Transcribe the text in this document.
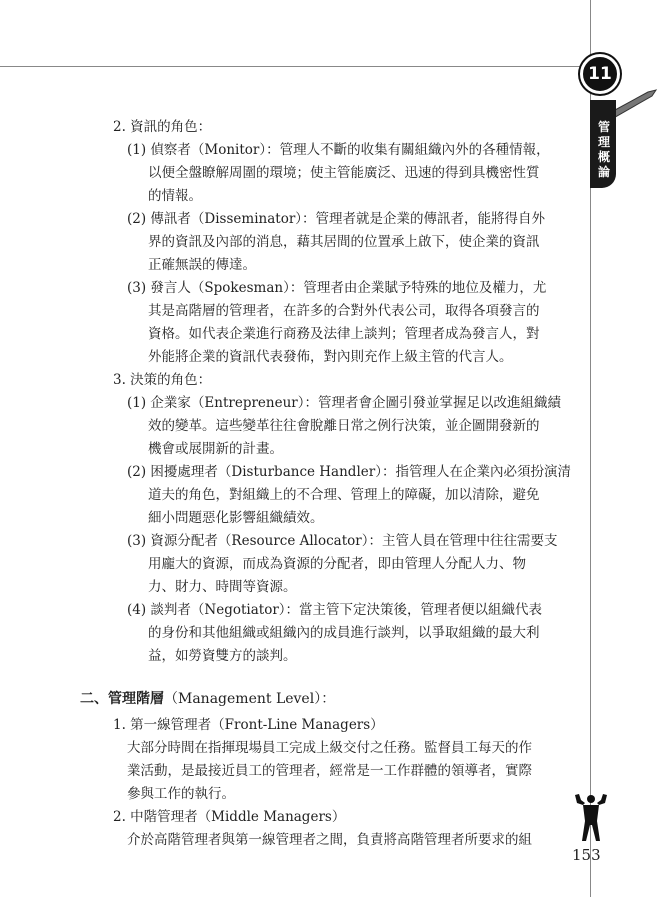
11
管
理
概
論
2. 資訊的角色：
(1) 偵察者（Monitor）：管理人不斷的收集有關組織內外的各種情報，
以便全盤瞭解周圍的環境；使主管能廣泛、迅速的得到具機密性質
的情報。
(2) 傳訊者（Disseminator）：管理者就是企業的傳訊者，能將得自外
界的資訊及內部的消息，藉其居間的位置承上啟下，使企業的資訊
正確無誤的傳達。
(3) 發言人（Spokesman）：管理者由企業賦予特殊的地位及權力，尤
其是高階層的管理者，在許多的合對外代表公司，取得各項發言的
資格。如代表企業進行商務及法律上談判；管理者成為發言人，對
外能將企業的資訊代表發佈，對內則充作上級主管的代言人。
3. 決策的角色：
(1) 企業家（Entrepreneur）：管理者會企圖引發並掌握足以改進組織績
效的變革。這些變革往往會脫離日常之例行決策，並企圖開發新的
機會或展開新的計畫。
(2) 困擾處理者（Disturbance Handler）：指管理人在企業內必須扮演清
道夫的角色，對組織上的不合理、管理上的障礙，加以清除，避免
細小問題惡化影響組織績效。
(3) 資源分配者（Resource Allocator）：主管人員在管理中往往需要支
用龐大的資源，而成為資源的分配者，即由管理人分配人力、物
力、財力、時間等資源。
(4) 談判者（Negotiator）：當主管下定決策後，管理者便以組織代表
的身份和其他組織或組織內的成員進行談判，以爭取組織的最大利
益，如勞資雙方的談判。
二、管理階層（Management Level）：
1. 第一線管理者（Front-Line Managers）
大部分時間在指揮現場員工完成上級交付之任務。監督員工每天的作
業活動，是最接近員工的管理者，經常是一工作群體的領導者，實際
參與工作的執行。
2. 中階管理者（Middle Managers）
介於高階管理者與第一線管理者之間，負責將高階管理者所要求的組
153
